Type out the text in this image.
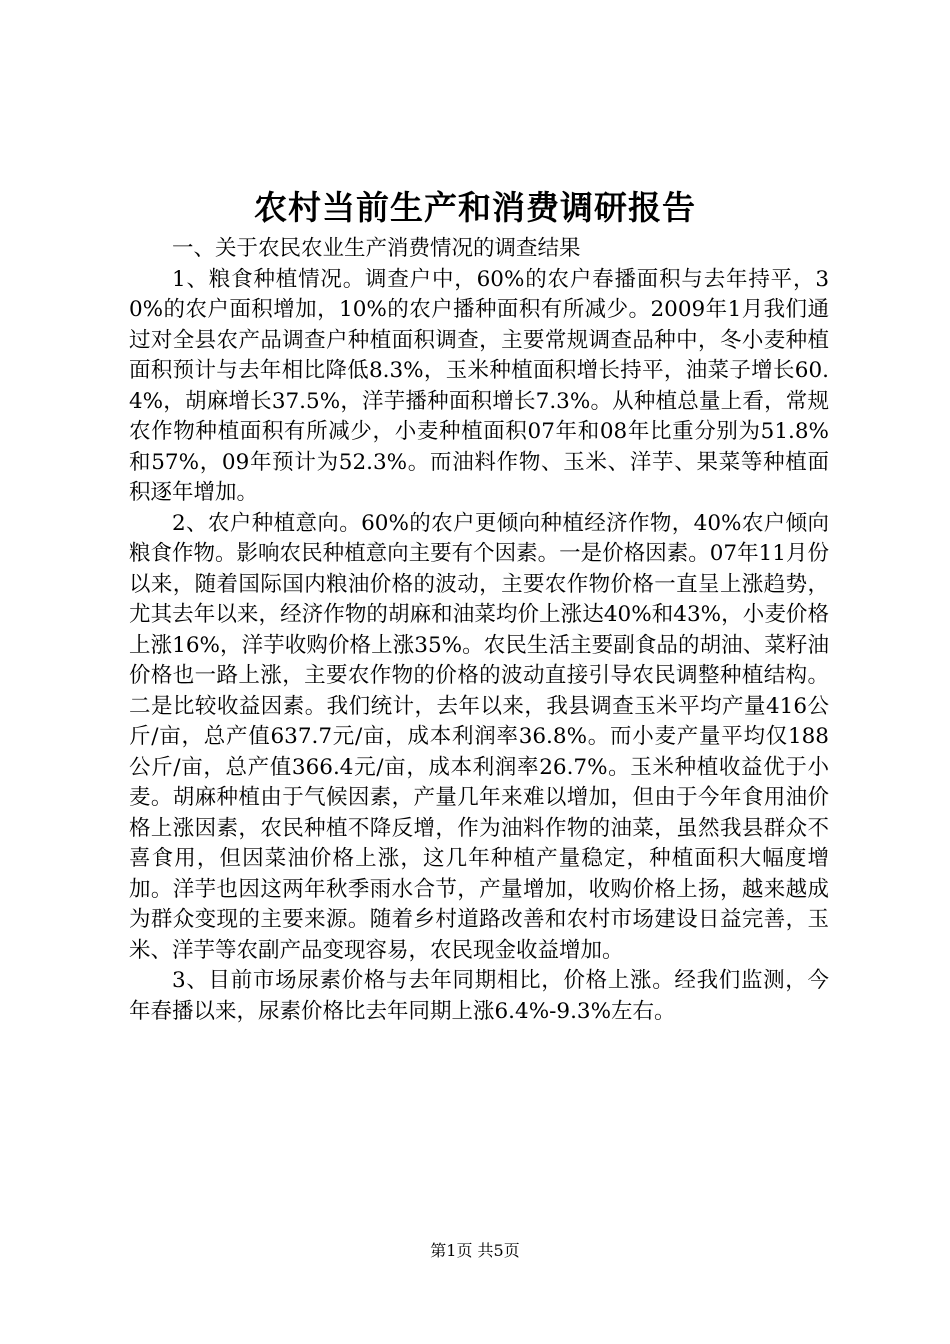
农村当前生产和消费调研报告

一、关于农民农业生产消费情况的调查结果

1、粮食种植情况。调查户中，60%的农户春播面积与去年持平，30%的农户面积增加，10%的农户播种面积有所减少。2009年1月我们通过对全县农产品调查户种植面积调查，主要常规调查品种中，冬小麦种植面积预计与去年相比降低8.3%，玉米种植面积增长持平，油菜子增长60.4%，胡麻增长37.5%，洋芋播种面积增长7.3%。从种植总量上看，常规农作物种植面积有所减少，小麦种植面积07年和08年比重分别为51.8%和57%，09年预计为52.3%。而油料作物、玉米、洋芋、果菜等种植面积逐年增加。

2、农户种植意向。60%的农户更倾向种植经济作物，40%农户倾向粮食作物。影响农民种植意向主要有个因素。一是价格因素。07年11月份以来，随着国际国内粮油价格的波动，主要农作物价格一直呈上涨趋势，尤其去年以来，经济作物的胡麻和油菜均价上涨达40%和43%，小麦价格上涨16%，洋芋收购价格上涨35%。农民生活主要副食品的胡油、菜籽油价格也一路上涨，主要农作物的价格的波动直接引导农民调整种植结构。二是比较收益因素。我们统计，去年以来，我县调查玉米平均产量416公斤/亩，总产值637.7元/亩，成本利润率36.8%。而小麦产量平均仅188公斤/亩，总产值366.4元/亩，成本利润率26.7%。玉米种植收益优于小麦。胡麻种植由于气候因素，产量几年来难以增加，但由于今年食用油价格上涨因素，农民种植不降反增，作为油料作物的油菜，虽然我县群众不喜食用，但因菜油价格上涨，这几年种植产量稳定，种植面积大幅度增加。洋芋也因这两年秋季雨水合节，产量增加，收购价格上扬，越来越成为群众变现的主要来源。随着乡村道路改善和农村市场建设日益完善，玉米、洋芋等农副产品变现容易，农民现金收益增加。

3、目前市场尿素价格与去年同期相比，价格上涨。经我们监测，今年春播以来，尿素价格比去年同期上涨6.4%-9.3%左右。

第1页 共5页
